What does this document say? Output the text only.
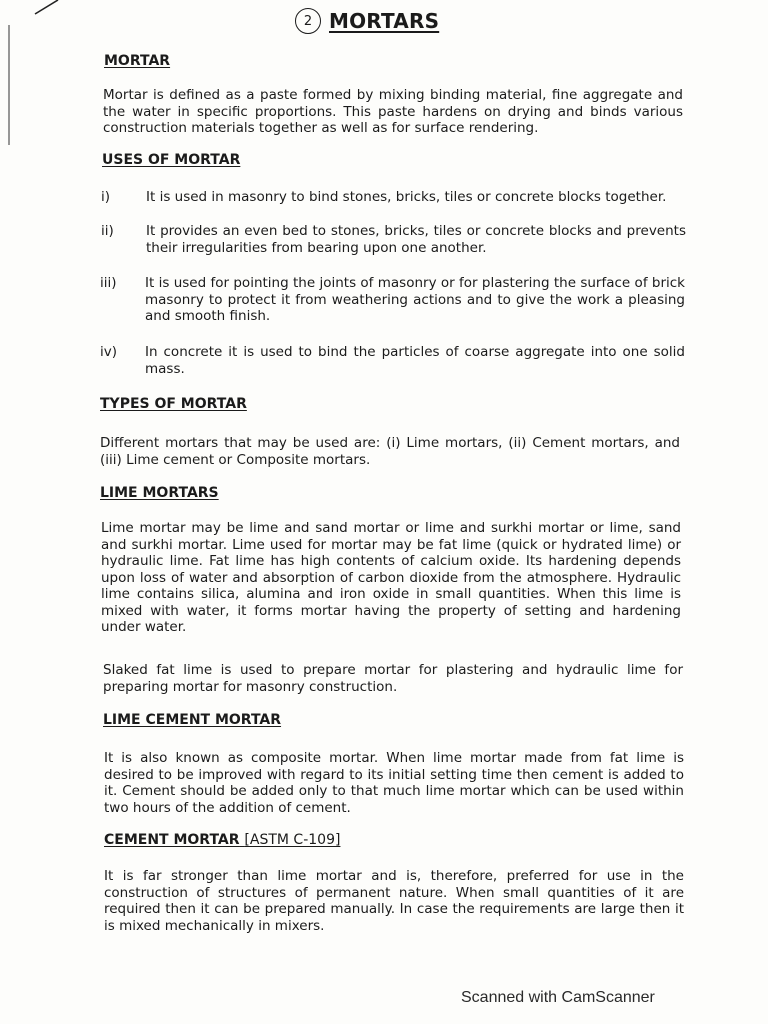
2 MORTARS
MORTAR
Mortar is defined as a paste formed by mixing binding material, fine aggregate and the water in specific proportions. This paste hardens on drying and binds various construction materials together as well as for surface rendering.
USES OF MORTAR
i)	It is used in masonry to bind stones, bricks, tiles or concrete blocks together.
ii) It provides an even bed to stones, bricks, tiles or concrete blocks and prevents their irregularities from bearing upon one another.
iii) It is used for pointing the joints of masonry or for plastering the surface of brick masonry to protect it from weathering actions and to give the work a pleasing and smooth finish.
iv) In concrete it is used to bind the particles of coarse aggregate into one solid mass.
TYPES OF MORTAR
Different mortars that may be used are: (i) Lime mortars, (ii) Cement mortars, and (iii) Lime cement or Composite mortars.
LIME MORTARS
Lime mortar may be lime and sand mortar or lime and surkhi mortar or lime, sand and surkhi mortar. Lime used for mortar may be fat lime (quick or hydrated lime) or hydraulic lime. Fat lime has high contents of calcium oxide. Its hardening depends upon loss of water and absorption of carbon dioxide from the atmosphere. Hydraulic lime contains silica, alumina and iron oxide in small quantities. When this lime is mixed with water, it forms mortar having the property of setting and hardening under water.
Slaked fat lime is used to prepare mortar for plastering and hydraulic lime for preparing mortar for masonry construction.
LIME CEMENT MORTAR
It is also known as composite mortar. When lime mortar made from fat lime is desired to be improved with regard to its initial setting time then cement is added to it. Cement should be added only to that much lime mortar which can be used within two hours of the addition of cement.
CEMENT MORTAR [ASTM C-109]
It is far stronger than lime mortar and is, therefore, preferred for use in the construction of structures of permanent nature. When small quantities of it are required then it can be prepared manually. In case the requirements are large then it is mixed mechanically in mixers.
Scanned with CamScanner
